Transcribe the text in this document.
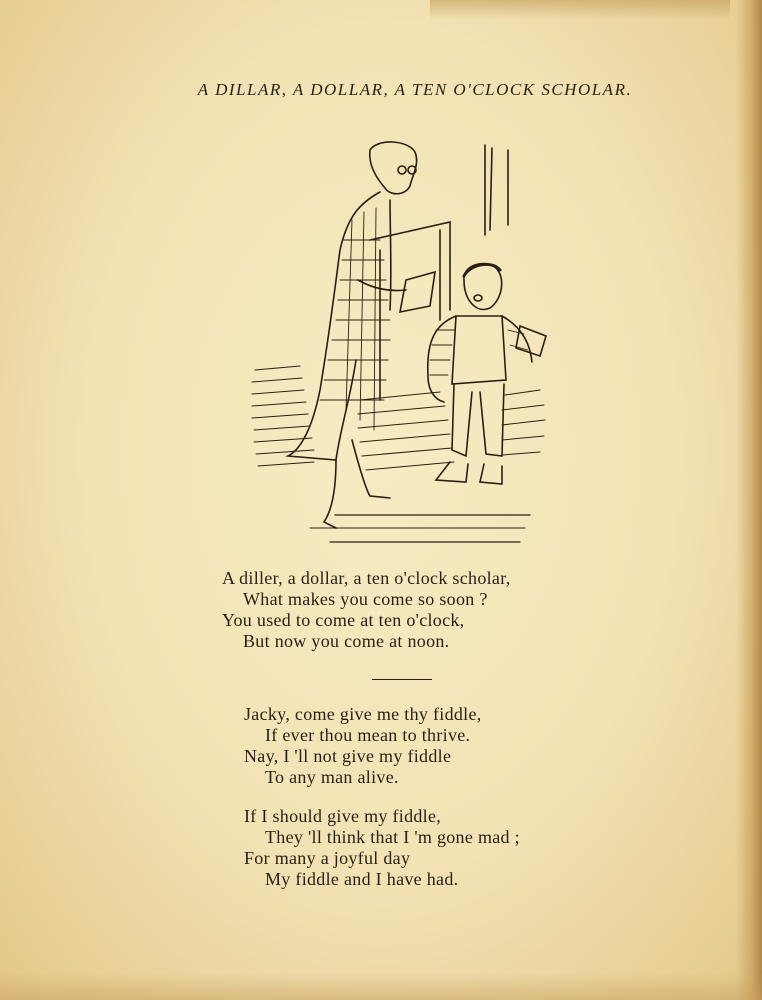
A DILLAR, A DOLLAR, A TEN O'CLOCK SCHOLAR.
A diller, a dollar, a ten o'clock scholar,
What makes you come so soon ?
You used to come at ten o'clock,
But now you come at noon.
Jacky, come give me thy fiddle,
If ever thou mean to thrive.
Nay, I 'll not give my fiddle
To any man alive.
If I should give my fiddle,
They 'll think that I 'm gone mad ;
For many a joyful day
My fiddle and I have had.
